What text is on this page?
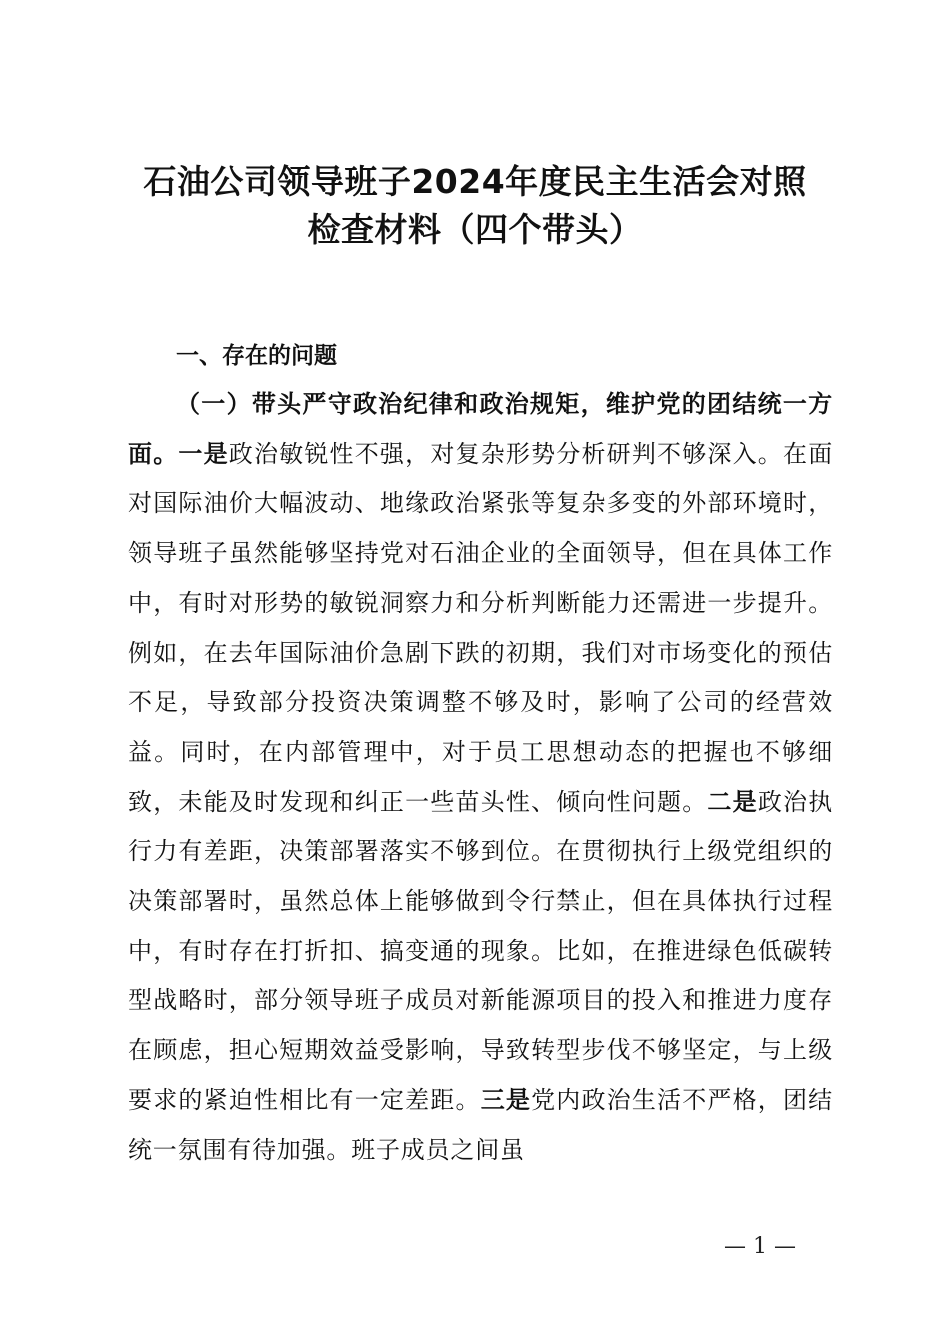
石油公司领导班子2024年度民主生活会对照
检查材料（四个带头）
一、存在的问题
（一）带头严守政治纪律和政治规矩，维护党的团结统一方面。一是政治敏锐性不强，对复杂形势分析研判不够深入。在面对国际油价大幅波动、地缘政治紧张等复杂多变的外部环境时，领导班子虽然能够坚持党对石油企业的全面领导，但在具体工作中，有时对形势的敏锐洞察力和分析判断能力还需进一步提升。例如，在去年国际油价急剧下跌的初期，我们对市场变化的预估不足，导致部分投资决策调整不够及时，影响了公司的经营效益。同时，在内部管理中，对于员工思想动态的把握也不够细致，未能及时发现和纠正一些苗头性、倾向性问题。二是政治执行力有差距，决策部署落实不够到位。在贯彻执行上级党组织的决策部署时，虽然总体上能够做到令行禁止，但在具体执行过程中，有时存在打折扣、搞变通的现象。比如，在推进绿色低碳转型战略时，部分领导班子成员对新能源项目的投入和推进力度存在顾虑，担心短期效益受影响，导致转型步伐不够坚定，与上级要求的紧迫性相比有一定差距。三是党内政治生活不严格，团结统一氛围有待加强。班子成员之间虽
— 1 —
